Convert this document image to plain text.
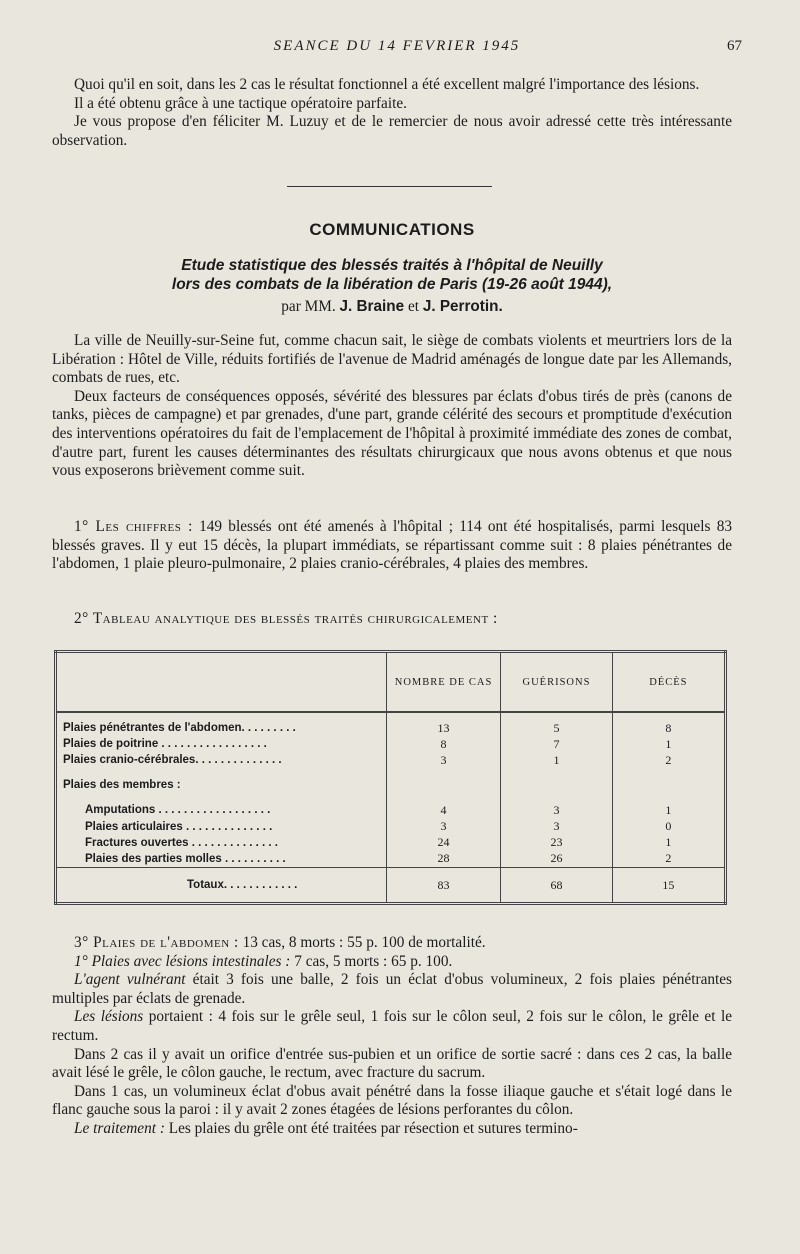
SEANCE DU 14 FEVRIER 1945	67

Quoi qu'il en soit, dans les 2 cas le résultat fonctionnel a été excellent malgré l'importance des lésions.

Il a été obtenu grâce à une tactique opératoire parfaite.

Je vous propose d'en féliciter M. Luzuy et de le remercier de nous avoir adressé cette très intéressante observation.

COMMUNICATIONS
Etude statistique des blessés traités à l'hôpital de Neuilly
lors des combats de la libération de Paris (19-26 août 1944),
par MM. J. Braine et J. Perrotin.

La ville de Neuilly-sur-Seine fut, comme chacun sait, le siège de combats violents et meurtriers lors de la Libération : Hôtel de Ville, réduits fortifiés de l'avenue de Madrid aménagés de longue date par les Allemands, combats de rues, etc.

Deux facteurs de conséquences opposés, sévérité des blessures par éclats d'obus tirés de près (canons de tanks, pièces de campagne) et par grenades, d'une part, grande célérité des secours et promptitude d'exécution des interventions opératoires du fait de l'emplacement de l'hôpital à proximité immédiate des zones de combat, d'autre part, furent les causes déterminantes des résultats chirurgicaux que nous avons obtenus et que nous vous exposerons brièvement comme suit.

1° Les chiffres : 149 blessés ont été amenés à l'hôpital ; 114 ont été hospitalisés, parmi lesquels 83 blessés graves. Il y eut 15 décès, la plupart immédiats, se répartissant comme suit : 8 plaies pénétrantes de l'abdomen, 1 plaie pleuro-pulmonaire, 2 plaies cranio-cérébrales, 4 plaies des membres.

2° Tableau analytique des blessés traités chirurgicalement :
	NOMBRE DE CAS	GUÉRISONS	DÉCÈS

Plaies pénétrantes de l'abdomen. . . . . . . . .	13	5	8
Plaies de poitrine . . . . . . . . . . . . . . . . .	8	7	1
Plaies cranio-cérébrales. . . . . . . . . . . . . .	3	1	2
Plaies des membres :			
Amputations . . . . . . . . . . . . . . . . . .	4	3	1
Plaies articulaires . . . . . . . . . . . . . .	3	3	0
Fractures ouvertes . . . . . . . . . . . . . .	24	23	1
Plaies des parties molles . . . . . . . . . .	28	26	2
Totaux. . . . . . . . . . . .	83	68	15

3° Plaies de l'abdomen : 13 cas, 8 morts : 55 p. 100 de mortalité.

1° Plaies avec lésions intestinales : 7 cas, 5 morts : 65 p. 100.

L'agent vulnérant était 3 fois une balle, 2 fois un éclat d'obus volumineux, 2 fois plaies pénétrantes multiples par éclats de grenade.

Les lésions portaient : 4 fois sur le grêle seul, 1 fois sur le côlon seul, 2 fois sur le côlon, le grêle et le rectum.

Dans 2 cas il y avait un orifice d'entrée sus-pubien et un orifice de sortie sacré : dans ces 2 cas, la balle avait lésé le grêle, le côlon gauche, le rectum, avec fracture du sacrum.

Dans 1 cas, un volumineux éclat d'obus avait pénétré dans la fosse iliaque gauche et s'était logé dans le flanc gauche sous la paroi : il y avait 2 zones étagées de lésions perforantes du côlon.

Le traitement : Les plaies du grêle ont été traitées par résection et sutures termino-
